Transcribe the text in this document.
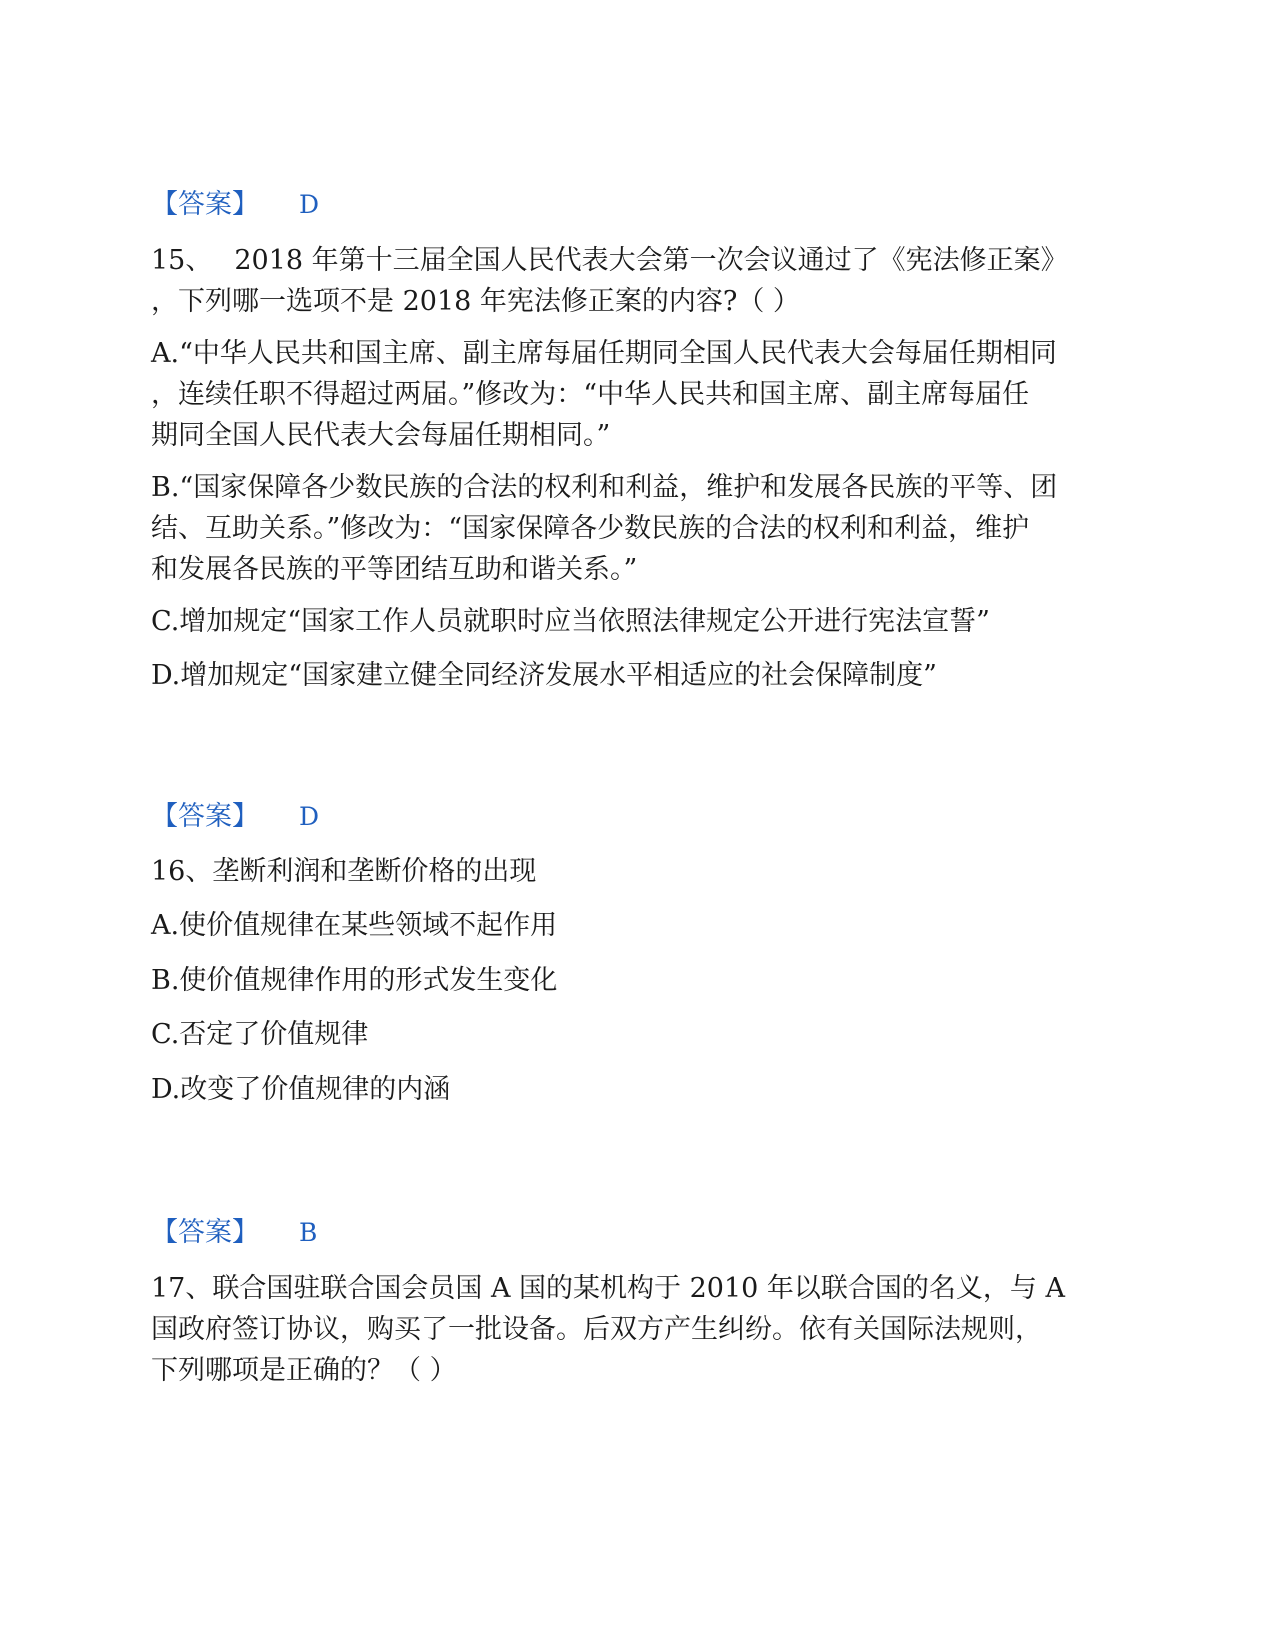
【答案】 D
15、 2018 年第十三届全国人民代表大会第一次会议通过了《宪法修正案》
，下列哪一选项不是 2018 年宪法修正案的内容?（ ）
A.“中华人民共和国主席、副主席每届任期同全国人民代表大会每届任期相同
，连续任职不得超过两届。”修改为：“中华人民共和国主席、副主席每届任
期同全国人民代表大会每届任期相同。”
B.“国家保障各少数民族的合法的权利和利益，维护和发展各民族的平等、团
结、互助关系。”修改为：“国家保障各少数民族的合法的权利和利益，维护
和发展各民族的平等团结互助和谐关系。”
C.增加规定“国家工作人员就职时应当依照法律规定公开进行宪法宣誓”
D.增加规定“国家建立健全同经济发展水平相适应的社会保障制度”
【答案】 D
16、垄断利润和垄断价格的出现
A.使价值规律在某些领域不起作用
B.使价值规律作用的形式发生变化
C.否定了价值规律
D.改变了价值规律的内涵
【答案】 B
17、联合国驻联合国会员国 A 国的某机构于 2010 年以联合国的名义，与 A
国政府签订协议，购买了一批设备。后双方产生纠纷。依有关国际法规则，
下列哪项是正确的？（ ）
